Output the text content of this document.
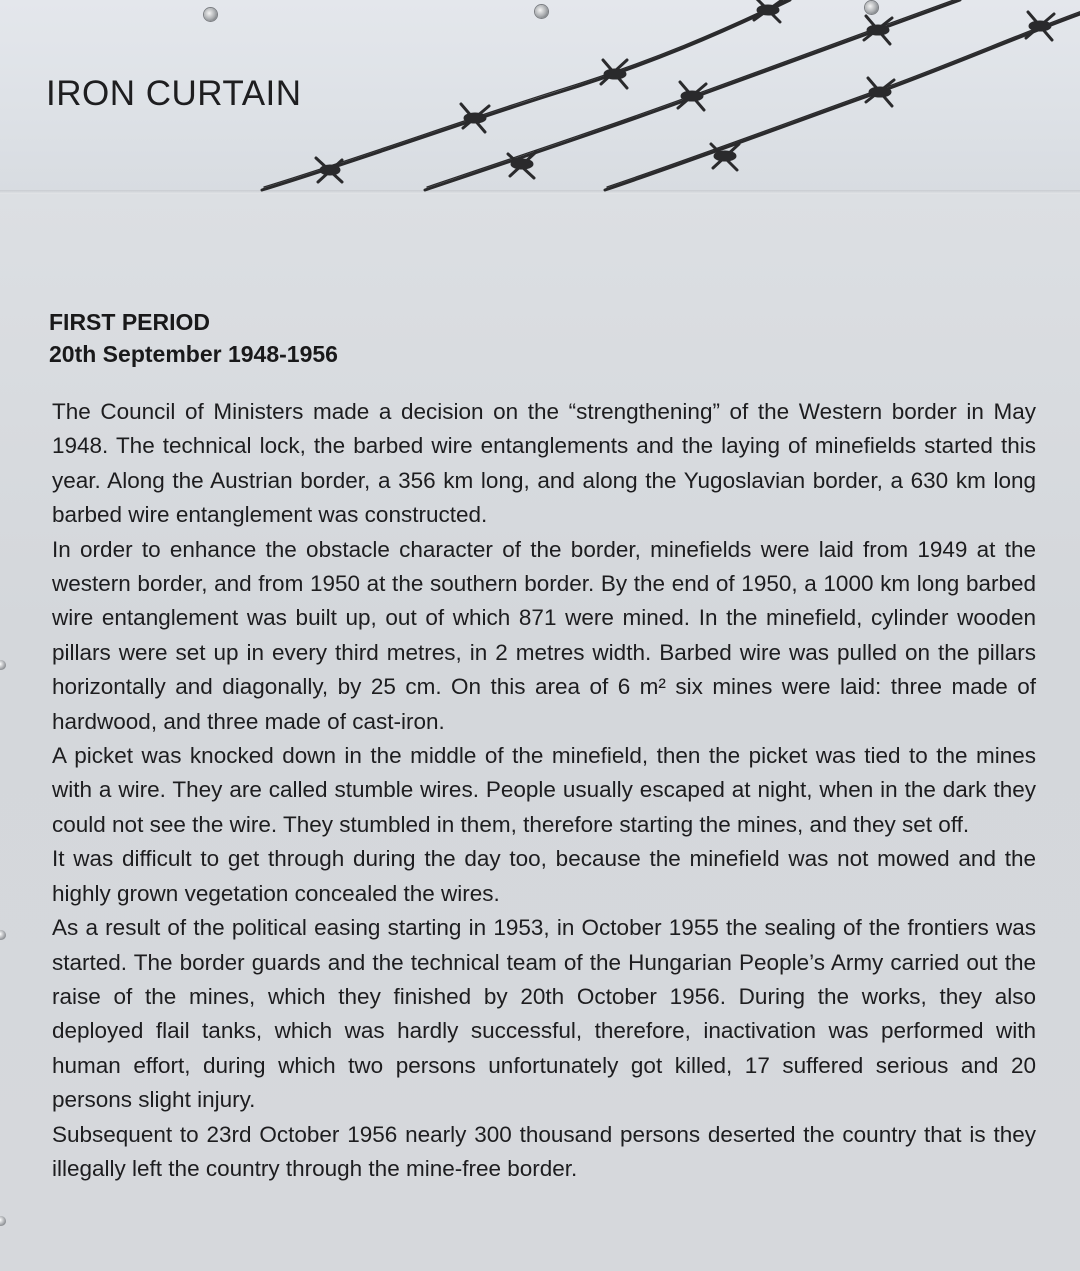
IRON CURTAIN
FIRST PERIOD
20th September 1948-1956

The Council of Ministers made a decision on the “strengthening” of the Western border in May 1948. The technical lock, the barbed wire entanglements and the laying of minefields started this year. Along the Austrian border, a 356 km long, and along the Yugoslavian border, a 630 km long barbed wire entanglement was constructed.

In order to enhance the obstacle character of the border, minefields were laid from 1949 at the western border, and from 1950 at the southern border. By the end of 1950, a 1000 km long barbed wire entanglement was built up, out of which 871 were mined. In the minefield, cylinder wooden pillars were set up in every third metres, in 2 metres width. Barbed wire was pulled on the pillars horizontally and diagonally, by 25 cm. On this area of 6 m² six mines were laid: three made of hardwood, and three made of cast-iron.

A picket was knocked down in the middle of the minefield, then the picket was tied to the mines with a wire. They are called stumble wires. People usually escaped at night, when in the dark they could not see the wire. They stumbled in them, therefore starting the mines, and they set off.

It was difficult to get through during the day too, because the minefield was not mowed and the highly grown vegetation concealed the wires.

As a result of the political easing starting in 1953, in October 1955 the sealing of the frontiers was started. The border guards and the technical team of the Hungarian People’s Army carried out the raise of the mines, which they finished by 20th October 1956. During the works, they also deployed flail tanks, which was hardly successful, therefore, inactivation was performed with human effort, during which two persons unfortunately got killed, 17 suffered serious and 20 persons slight injury.

Subsequent to 23rd October 1956 nearly 300 thousand persons deserted the country that is they illegally left the country through the mine-free border.
